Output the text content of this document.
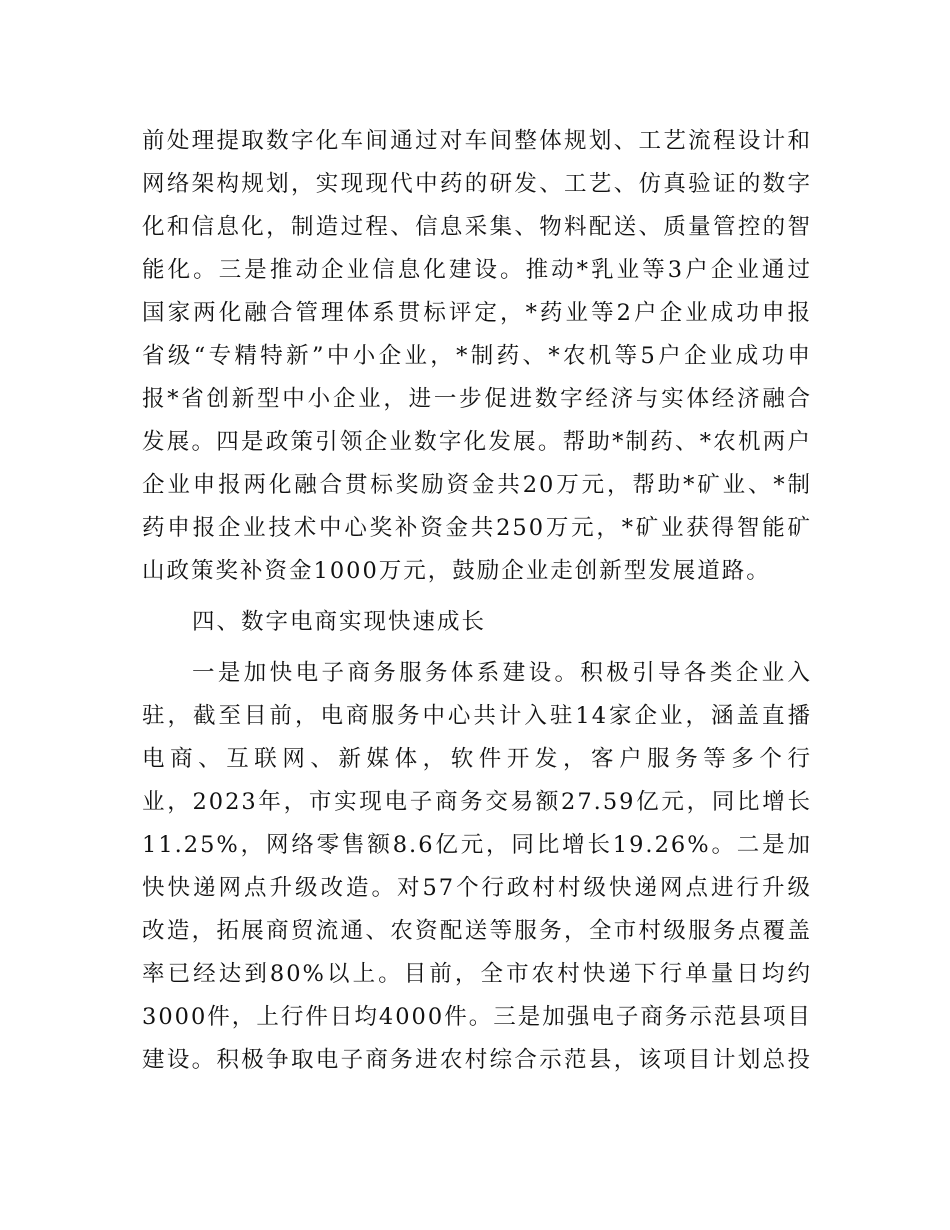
前处理提取数字化车间通过对车间整体规划、工艺流程设计和
网络架构规划，实现现代中药的研发、工艺、仿真验证的数字
化和信息化，制造过程、信息采集、物料配送、质量管控的智
能化。三是推动企业信息化建设。推动*乳业等3户企业通过
国家两化融合管理体系贯标评定，*药业等2户企业成功申报
省级“专精特新”中小企业，*制药、*农机等5户企业成功申
报*省创新型中小企业，进一步促进数字经济与实体经济融合
发展。四是政策引领企业数字化发展。帮助*制药、*农机两户
企业申报两化融合贯标奖励资金共20万元，帮助*矿业、*制
药申报企业技术中心奖补资金共250万元，*矿业获得智能矿
山政策奖补资金1000万元，鼓励企业走创新型发展道路。
四、数字电商实现快速成长
一是加快电子商务服务体系建设。积极引导各类企业入
驻，截至目前，电商服务中心共计入驻14家企业，涵盖直播
电商、互联网、新媒体，软件开发，客户服务等多个行
业，2023年，市实现电子商务交易额27.59亿元，同比增长
11.25%，网络零售额8.6亿元，同比增长19.26%。二是加
快快递网点升级改造。对57个行政村村级快递网点进行升级
改造，拓展商贸流通、农资配送等服务，全市村级服务点覆盖
率已经达到80%以上。目前，全市农村快递下行单量日均约
3000件，上行件日均4000件。三是加强电子商务示范县项目
建设。积极争取电子商务进农村综合示范县，该项目计划总投
